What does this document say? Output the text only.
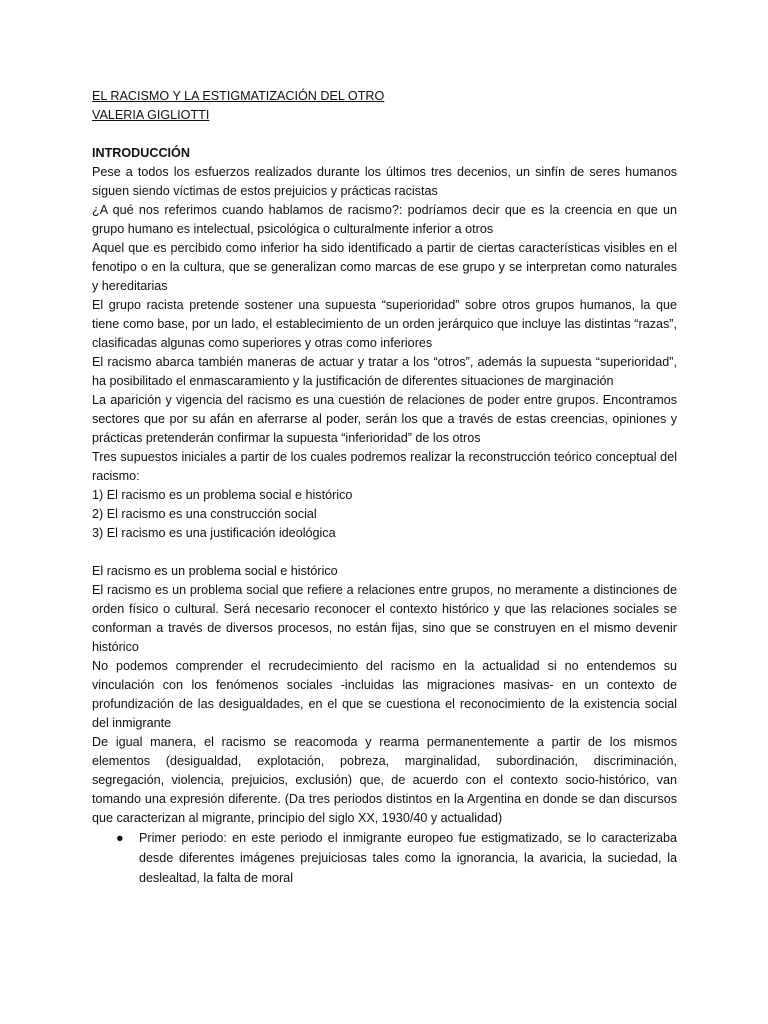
EL RACISMO Y LA ESTIGMATIZACIÓN DEL OTRO
VALERIA GIGLIOTTI
INTRODUCCIÓN

Pese a todos los esfuerzos realizados durante los últimos tres decenios, un sinfín de seres humanos siguen siendo víctimas de estos prejuicios y prácticas racistas

¿A qué nos referimos cuando hablamos de racismo?: podríamos decir que es la creencia en que un grupo humano es intelectual, psicológica o culturalmente inferior a otros

Aquel que es percibido como inferior ha sido identificado a partir de ciertas características visibles en el fenotipo o en la cultura, que se generalizan como marcas de ese grupo y se interpretan como naturales y hereditarias

El grupo racista pretende sostener una supuesta “superioridad” sobre otros grupos humanos, la que tiene como base, por un lado, el establecimiento de un orden jerárquico que incluye las distintas “razas”, clasificadas algunas como superiores y otras como inferiores

El racismo abarca también maneras de actuar y tratar a los “otros”, además la supuesta “superioridad”, ha posibilitado el enmascaramiento y la justificación de diferentes situaciones de marginación

La aparición y vigencia del racismo es una cuestión de relaciones de poder entre grupos. Encontramos sectores que por su afán en aferrarse al poder, serán los que a través de estas creencias, opiniones y prácticas pretenderán confirmar la supuesta “inferioridad” de los otros

Tres supuestos iniciales a partir de los cuales podremos realizar la reconstrucción teórico conceptual del racismo:

1) El racismo es un problema social e histórico

2) El racismo es una construcción social

3) El racismo es una justificación ideológica

El racismo es un problema social e histórico

El racismo es un problema social que refiere a relaciones entre grupos, no meramente a distinciones de orden físico o cultural. Será necesario reconocer el contexto histórico y que las relaciones sociales se conforman a través de diversos procesos, no están fijas, sino que se construyen en el mismo devenir histórico

No podemos comprender el recrudecimiento del racismo en la actualidad si no entendemos su vinculación con los fenómenos sociales -incluidas las migraciones masivas- en un contexto de profundización de las desigualdades, en el que se cuestiona el reconocimiento de la existencia social del inmigrante

De igual manera, el racismo se reacomoda y rearma permanentemente a partir de los mismos elementos (desigualdad, explotación, pobreza, marginalidad, subordinación, discriminación, segregación, violencia, prejuicios, exclusión) que, de acuerdo con el contexto socio-histórico, van tomando una expresión diferente. (Da tres periodos distintos en la Argentina en donde se dan discursos que caracterizan al migrante, principio del siglo XX, 1930/40 y actualidad)

● Primer periodo: en este periodo el inmigrante europeo fue estigmatizado, se lo caracterizaba desde diferentes imágenes prejuiciosas tales como la ignorancia, la avaricia, la suciedad, la deslealtad, la falta de moral
